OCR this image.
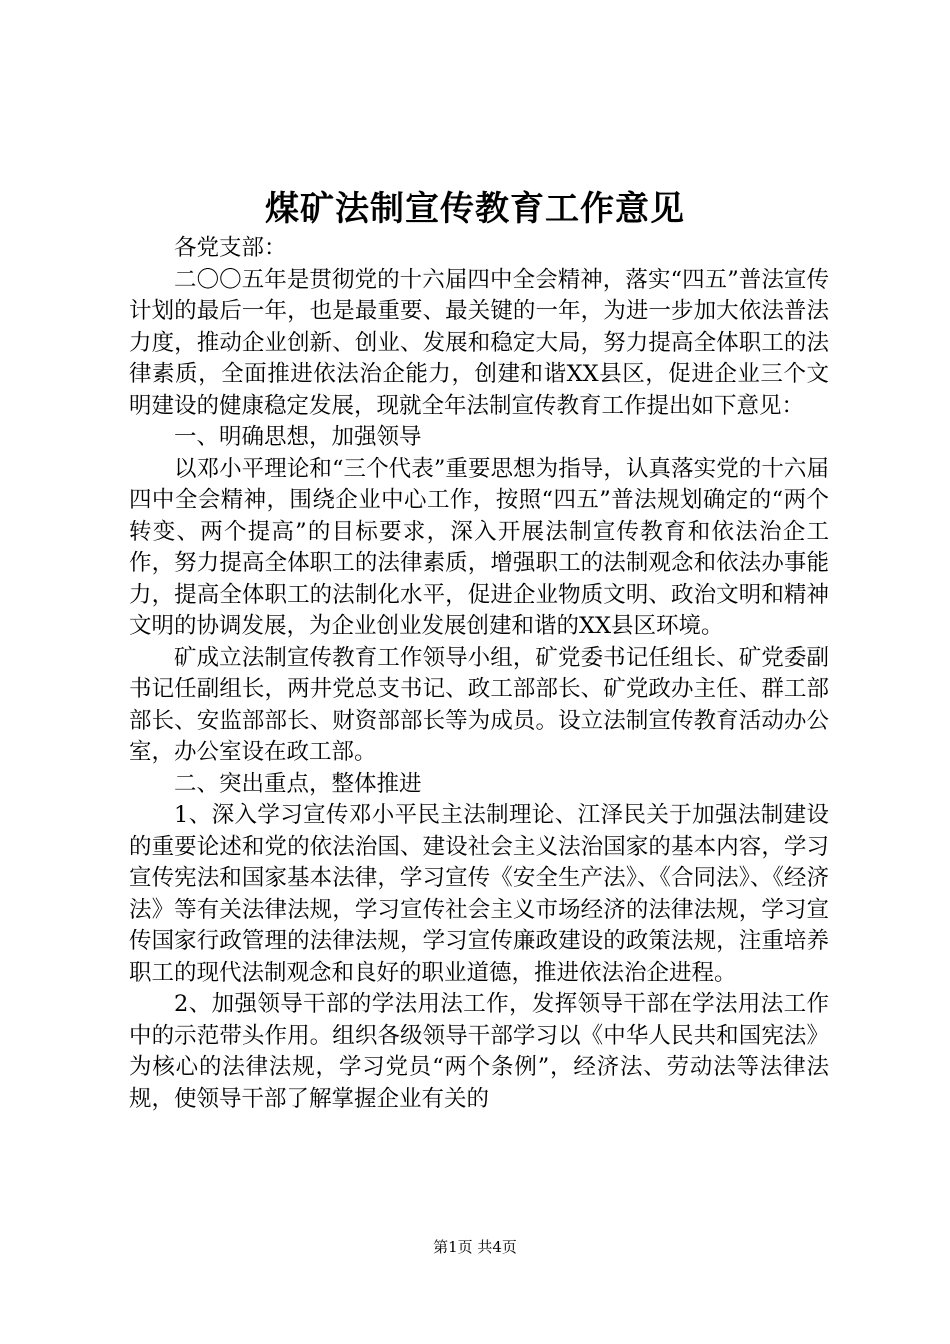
煤矿法制宣传教育工作意见

各党支部：

二〇〇五年是贯彻党的十六届四中全会精神，落实“四五”普法宣传计划的最后一年，也是最重要、最关键的一年，为进一步加大依法普法力度，推动企业创新、创业、发展和稳定大局，努力提高全体职工的法律素质，全面推进依法治企能力，创建和谐XX县区，促进企业三个文明建设的健康稳定发展，现就全年法制宣传教育工作提出如下意见：

一、明确思想，加强领导

以邓小平理论和“三个代表”重要思想为指导，认真落实党的十六届四中全会精神，围绕企业中心工作，按照“四五”普法规划确定的“两个转变、两个提高”的目标要求，深入开展法制宣传教育和依法治企工作，努力提高全体职工的法律素质，增强职工的法制观念和依法办事能力，提高全体职工的法制化水平，促进企业物质文明、政治文明和精神文明的协调发展，为企业创业发展创建和谐的XX县区环境。

矿成立法制宣传教育工作领导小组，矿党委书记任组长、矿党委副书记任副组长，两井党总支书记、政工部部长、矿党政办主任、群工部部长、安监部部长、财资部部长等为成员。设立法制宣传教育活动办公室，办公室设在政工部。

二、突出重点，整体推进

1、深入学习宣传邓小平民主法制理论、江泽民关于加强法制建设的重要论述和党的依法治国、建设社会主义法治国家的基本内容，学习宣传宪法和国家基本法律，学习宣传《安全生产法》、《合同法》、《经济法》等有关法律法规，学习宣传社会主义市场经济的法律法规，学习宣传国家行政管理的法律法规，学习宣传廉政建设的政策法规，注重培养职工的现代法制观念和良好的职业道德，推进依法治企进程。

2、加强领导干部的学法用法工作，发挥领导干部在学法用法工作中的示范带头作用。组织各级领导干部学习以《中华人民共和国宪法》为核心的法律法规，学习党员“两个条例”，经济法、劳动法等法律法规，使领导干部了解掌握企业有关的

第1页 共4页
